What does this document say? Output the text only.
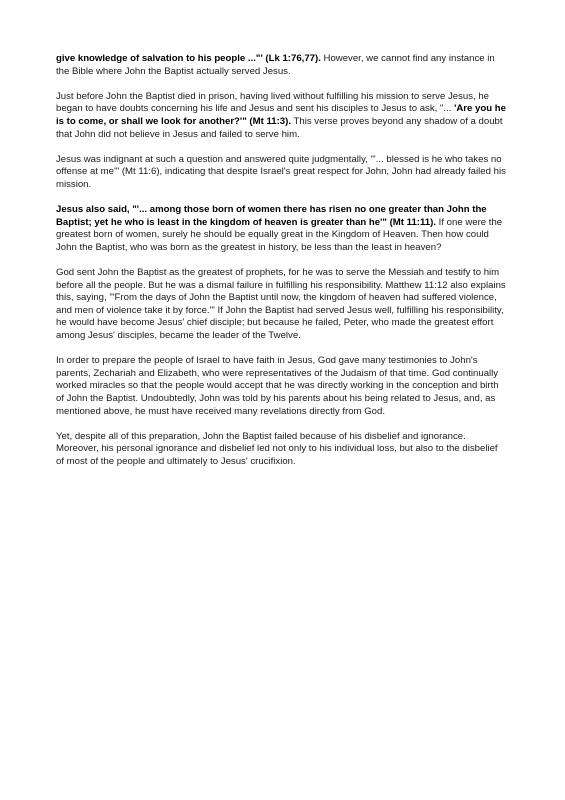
give knowledge of salvation to his people ..."' (Lk 1:76,77). However, we cannot find any instance in the Bible where John the Baptist actually served Jesus.

Just before John the Baptist died in prison, having lived without fulfilling his mission to serve Jesus, he began to have doubts concerning his life and Jesus and sent his disciples to Jesus to ask, "... 'Are you he is to come, or shall we look for another?'" (Mt 11:3). This verse proves beyond any shadow of a doubt that John did not believe in Jesus and failed to serve him.

Jesus was indignant at such a question and answered quite judgmentally, "'... blessed is he who takes no offense at me'" (Mt 11:6), indicating that despite Israel's great respect for John, John had already failed his mission.

Jesus also said, "'... among those born of women there has risen no one greater than John the Baptist; yet he who is least in the kingdom of heaven is greater than he'" (Mt 11:11). If one were the greatest born of women, surely he should be equally great in the Kingdom of Heaven. Then how could John the Baptist, who was born as the greatest in history, be less than the least in heaven?

God sent John the Baptist as the greatest of prophets, for he was to serve the Messiah and testify to him before all the people. But he was a dismal failure in fulfilling his responsibility. Matthew 11:12 also explains this, saying, "'From the days of John the Baptist until now, the kingdom of heaven had suffered violence, and men of violence take it by force.'" If John the Baptist had served Jesus well, fulfilling his responsibility, he would have become Jesus' chief disciple; but because he failed, Peter, who made the greatest effort among Jesus' disciples, became the leader of the Twelve.

In order to prepare the people of Israel to have faith in Jesus, God gave many testimonies to John's parents, Zechariah and Elizabeth, who were representatives of the Judaism of that time. God continually worked miracles so that the people would accept that he was directly working in the conception and birth of John the Baptist. Undoubtedly, John was told by his parents about his being related to Jesus, and, as mentioned above, he must have received many revelations directly from God.

Yet, despite all of this preparation, John the Baptist failed because of his disbelief and ignorance. Moreover, his personal ignorance and disbelief led not only to his individual loss, but also to the disbelief of most of the people and ultimately to Jesus' crucifixion.
